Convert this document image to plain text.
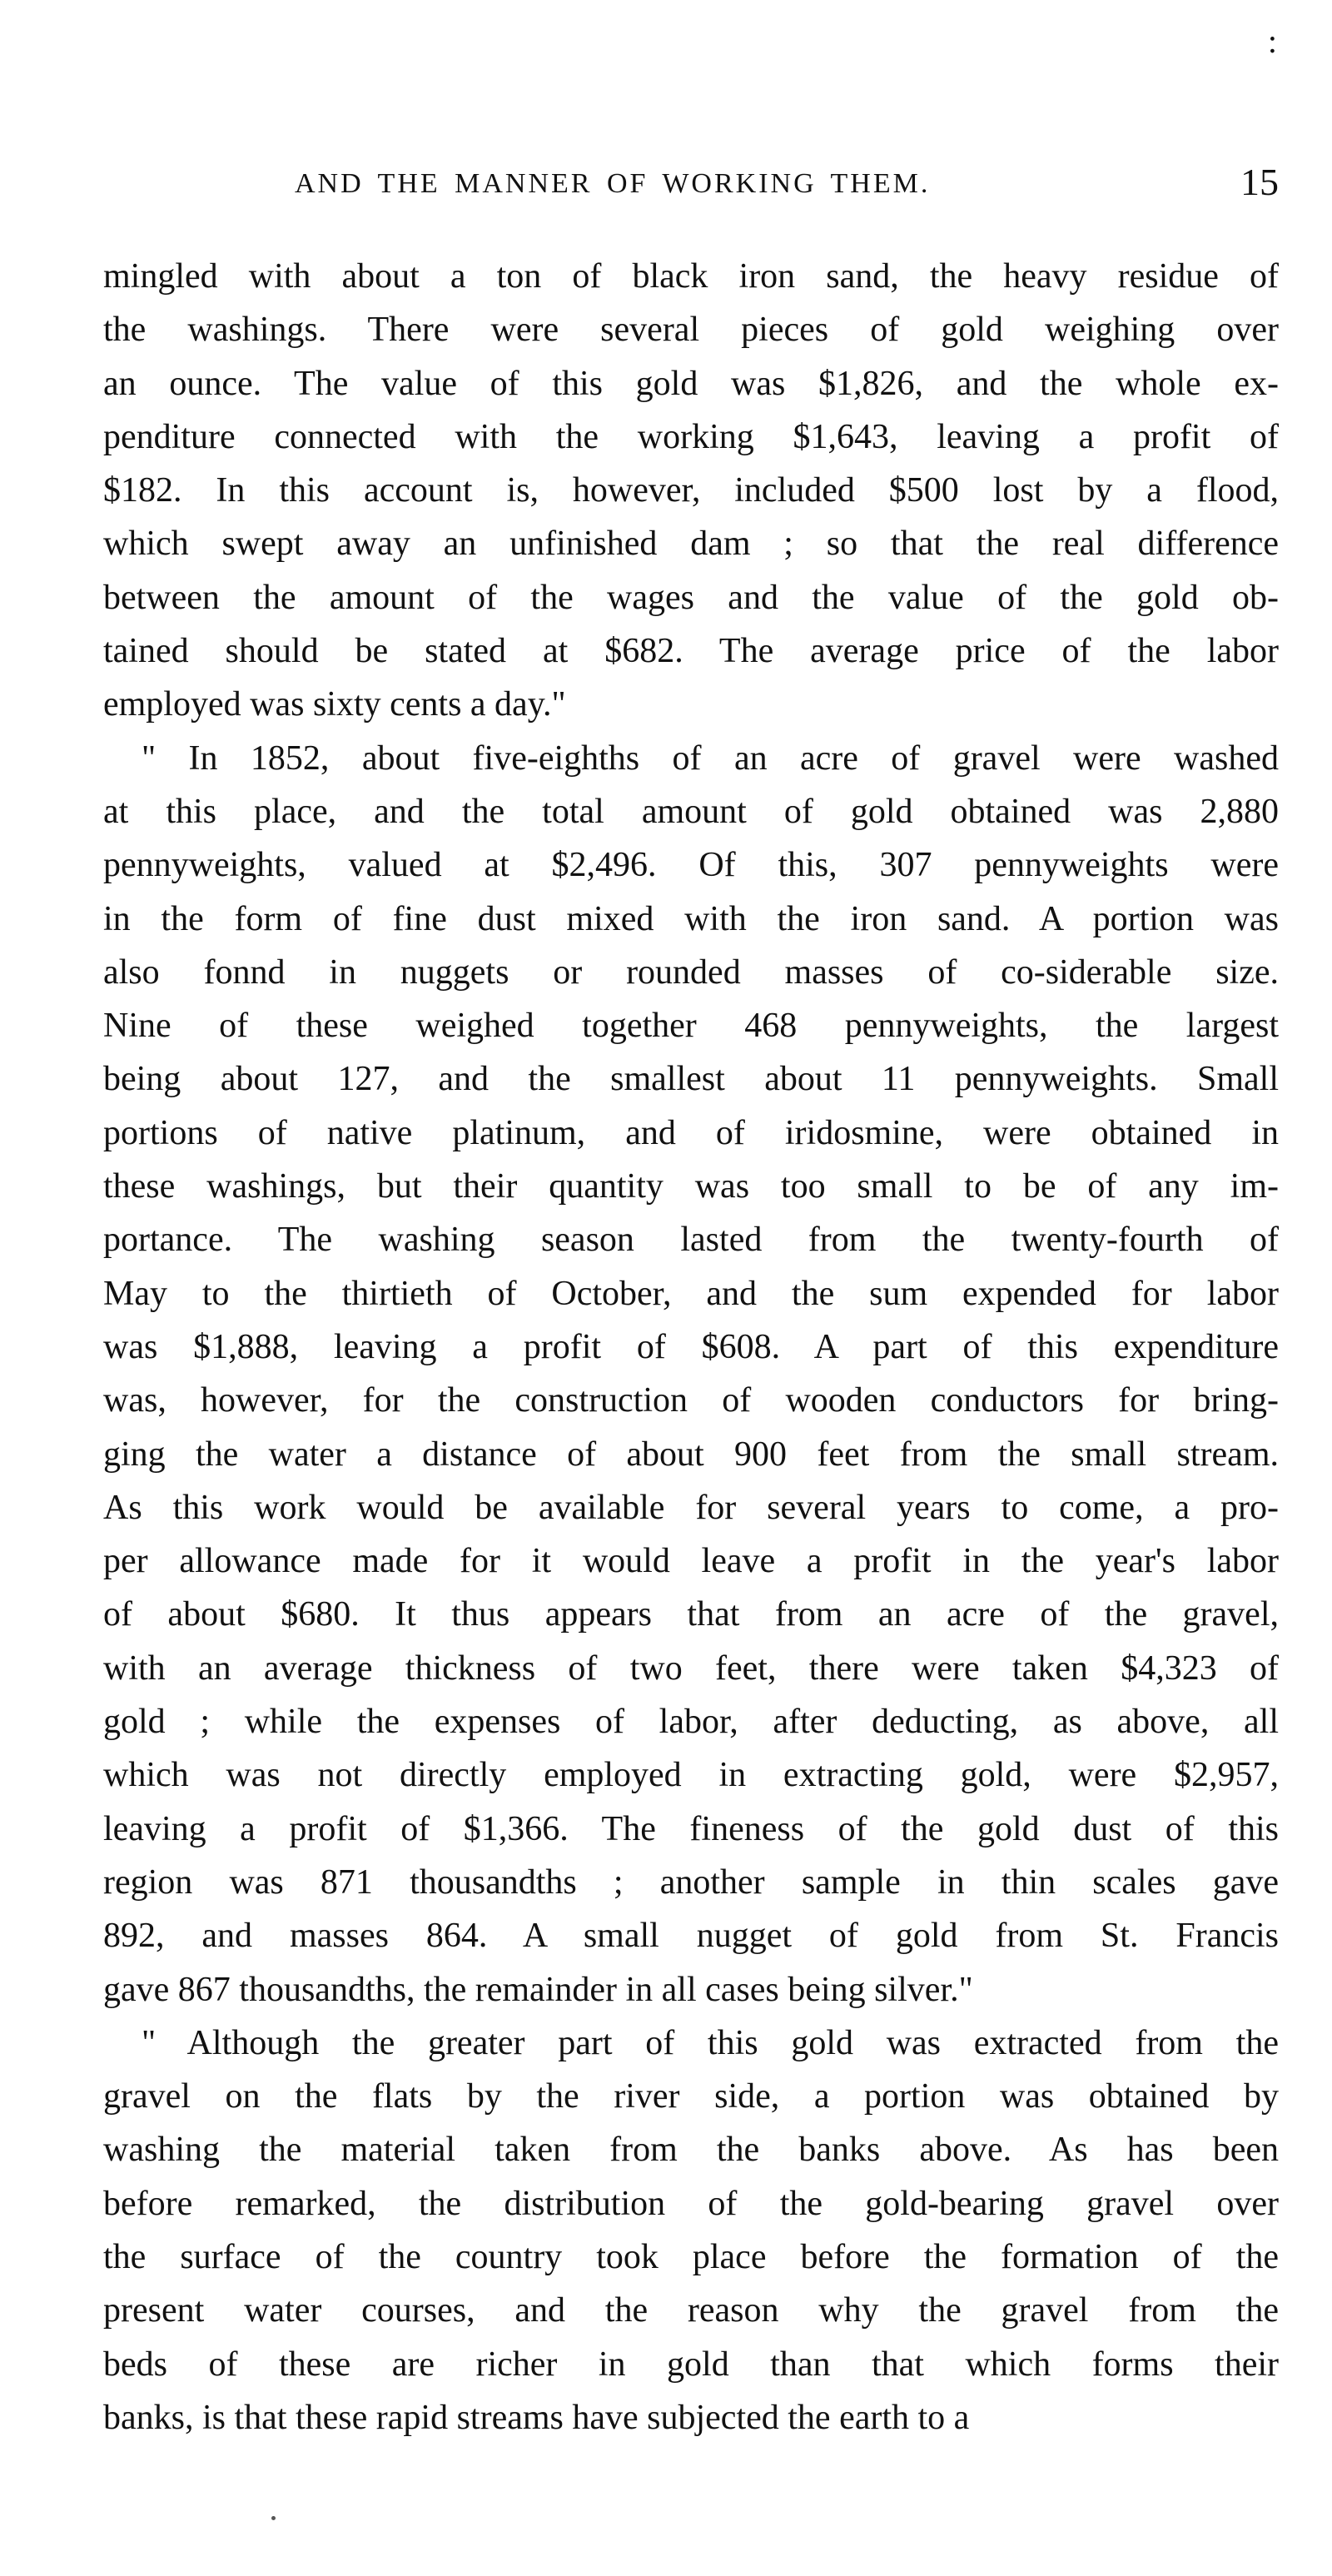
AND THE MANNER OF WORKING THEM.	15
:
mingled with about a ton of black iron sand, the heavy residue of
the washings. There were several pieces of gold weighing over
an ounce. The value of this gold was $1,826, and the whole ex-
penditure connected with the working $1,643, leaving a profit of
$182. In this account is, however, included $500 lost by a flood,
which swept away an unfinished dam ; so that the real difference
between the amount of the wages and the value of the gold ob-
tained should be stated at $682. The average price of the labor
employed was sixty cents a day."
" In 1852, about five-eighths of an acre of gravel were washed
at this place, and the total amount of gold obtained was 2,880
pennyweights, valued at $2,496. Of this, 307 pennyweights were
in the form of fine dust mixed with the iron sand. A portion was
also fonnd in nuggets or rounded masses of co-siderable size.
Nine of these weighed together 468 pennyweights, the largest
being about 127, and the smallest about 11 pennyweights. Small
portions of native platinum, and of iridosmine, were obtained in
these washings, but their quantity was too small to be of any im-
portance. The washing season lasted from the twenty-fourth of
May to the thirtieth of October, and the sum expended for labor
was $1,888, leaving a profit of $608. A part of this expenditure
was, however, for the construction of wooden conductors for bring-
ging the water a distance of about 900 feet from the small stream.
As this work would be available for several years to come, a pro-
per allowance made for it would leave a profit in the year's labor
of about $680. It thus appears that from an acre of the gravel,
with an average thickness of two feet, there were taken $4,323 of
gold ; while the expenses of labor, after deducting, as above, all
which was not directly employed in extracting gold, were $2,957,
leaving a profit of $1,366. The fineness of the gold dust of this
region was 871 thousandths ; another sample in thin scales gave
892, and masses 864. A small nugget of gold from St. Francis
gave 867 thousandths, the remainder in all cases being silver."
" Although the greater part of this gold was extracted from the
gravel on the flats by the river side, a portion was obtained by
washing the material taken from the banks above. As has been
before remarked, the distribution of the gold-bearing gravel over
the surface of the country took place before the formation of the
present water courses, and the reason why the gravel from the
beds of these are richer in gold than that which forms their
banks, is that these rapid streams have subjected the earth to a
